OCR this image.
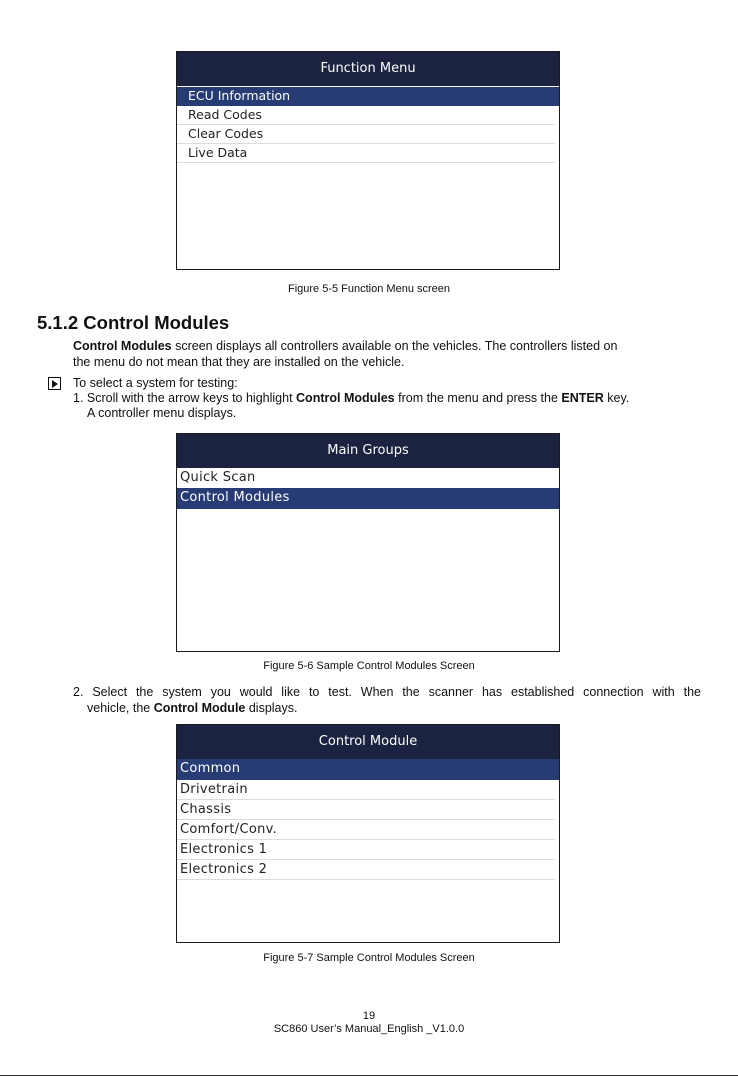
Function Menu
ECU Information
Read Codes
Clear Codes
Live Data
Figure 5-5 Function Menu screen
5.1.2 Control Modules
Control Modules screen displays all controllers available on the vehicles. The controllers listed on
the menu do not mean that they are installed on the vehicle.
To select a system for testing:
1. Scroll with the arrow keys to highlight Control Modules from the menu and press the ENTER key.
A controller menu displays.
Main Groups
Quick Scan
Control Modules
Figure 5-6 Sample Control Modules Screen
2. Select the system you would like to test. When the scanner has established connection with the
vehicle, the Control Module displays.
Control Module
Common
Drivetrain
Chassis
Comfort/Conv.
Electronics 1
Electronics 2
Figure 5-7 Sample Control Modules Screen
19
SC860 User’s Manual_English _V1.0.0
